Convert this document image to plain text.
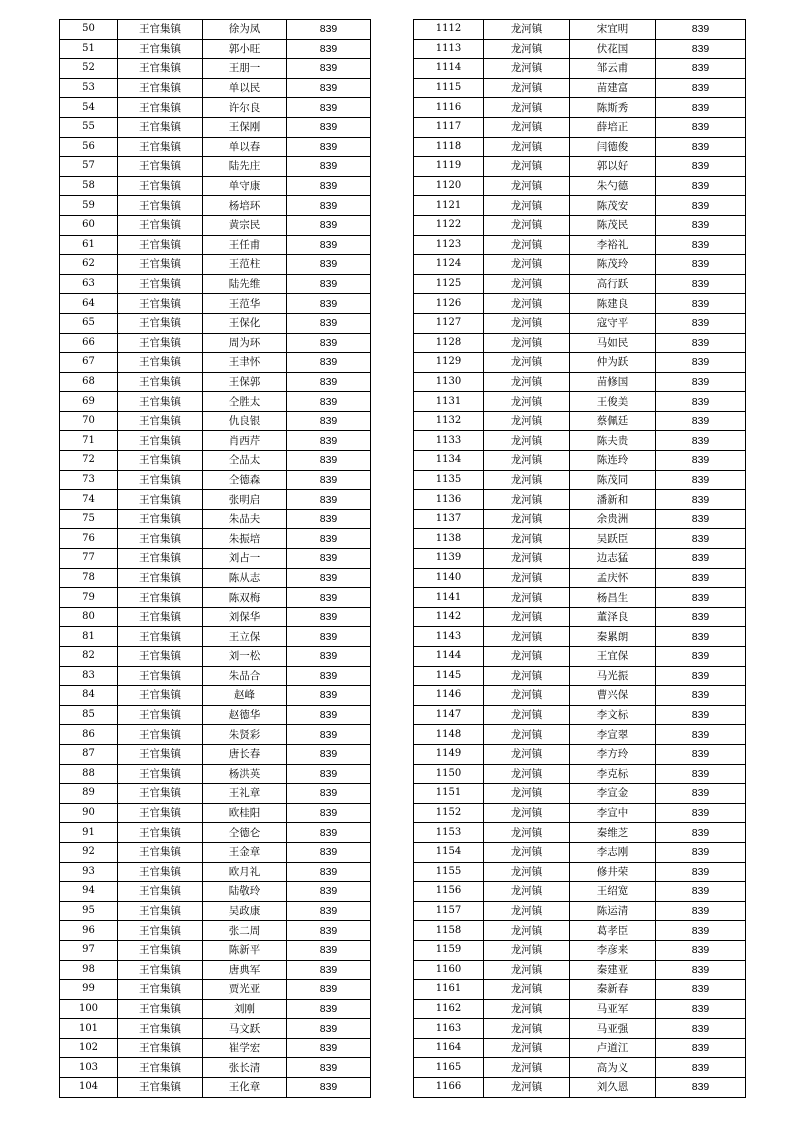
50	王官集镇	徐为凤	839
51	王官集镇	郭小旺	839
52	王官集镇	王朋一	839
53	王官集镇	单以民	839
54	王官集镇	许尔良	839
55	王官集镇	王保刚	839
56	王官集镇	单以春	839
57	王官集镇	陆先庄	839
58	王官集镇	单守康	839
59	王官集镇	杨培环	839
60	王官集镇	黄宗民	839
61	王官集镇	王任甫	839
62	王官集镇	王范柱	839
63	王官集镇	陆先维	839
64	王官集镇	王范华	839
65	王官集镇	王保化	839
66	王官集镇	周为环	839
67	王官集镇	王聿怀	839
68	王官集镇	王保郭	839
69	王官集镇	仝胜太	839
70	王官集镇	仇良银	839
71	王官集镇	肖西芹	839
72	王官集镇	仝品太	839
73	王官集镇	仝德森	839
74	王官集镇	张明启	839
75	王官集镇	朱品夫	839
76	王官集镇	朱振培	839
77	王官集镇	刘占一	839
78	王官集镇	陈从志	839
79	王官集镇	陈双梅	839
80	王官集镇	刘保华	839
81	王官集镇	王立保	839
82	王官集镇	刘一松	839
83	王官集镇	朱品合	839
84	王官集镇	赵峰	839
85	王官集镇	赵德华	839
86	王官集镇	朱贤彩	839
87	王官集镇	唐长春	839
88	王官集镇	杨洪英	839
89	王官集镇	王礼章	839
90	王官集镇	欧桂阳	839
91	王官集镇	仝德仑	839
92	王官集镇	王金章	839
93	王官集镇	欧月礼	839
94	王官集镇	陆敬玲	839
95	王官集镇	吴政康	839
96	王官集镇	张二周	839
97	王官集镇	陈新平	839
98	王官集镇	唐典军	839
99	王官集镇	贾光亚	839
100	王官集镇	刘刚	839
101	王官集镇	马文跃	839
102	王官集镇	崔学宏	839
103	王官集镇	张长清	839
104	王官集镇	王化章	839
1112	龙河镇	宋宜明	839
1113	龙河镇	伏花国	839
1114	龙河镇	邹云甫	839
1115	龙河镇	苗建富	839
1116	龙河镇	陈斯秀	839
1117	龙河镇	薛培正	839
1118	龙河镇	闫德俊	839
1119	龙河镇	郭以好	839
1120	龙河镇	朱勺德	839
1121	龙河镇	陈茂安	839
1122	龙河镇	陈茂民	839
1123	龙河镇	李裕礼	839
1124	龙河镇	陈茂玲	839
1125	龙河镇	高行跃	839
1126	龙河镇	陈建良	839
1127	龙河镇	寇守平	839
1128	龙河镇	马如民	839
1129	龙河镇	仲为跃	839
1130	龙河镇	苗修国	839
1131	龙河镇	王俊美	839
1132	龙河镇	蔡佩廷	839
1133	龙河镇	陈夫贵	839
1134	龙河镇	陈连玲	839
1135	龙河镇	陈茂同	839
1136	龙河镇	潘新和	839
1137	龙河镇	余贵洲	839
1138	龙河镇	吴跃臣	839
1139	龙河镇	边志猛	839
1140	龙河镇	孟庆怀	839
1141	龙河镇	杨昌生	839
1142	龙河镇	董泽良	839
1143	龙河镇	秦累朗	839
1144	龙河镇	王宜保	839
1145	龙河镇	马光振	839
1146	龙河镇	曹兴保	839
1147	龙河镇	李文标	839
1148	龙河镇	李宣翠	839
1149	龙河镇	李方玲	839
1150	龙河镇	李克标	839
1151	龙河镇	李宣金	839
1152	龙河镇	李宣中	839
1153	龙河镇	秦维芝	839
1154	龙河镇	李志刚	839
1155	龙河镇	修井荣	839
1156	龙河镇	王绍宽	839
1157	龙河镇	陈运清	839
1158	龙河镇	葛孝臣	839
1159	龙河镇	李彦来	839
1160	龙河镇	秦建亚	839
1161	龙河镇	秦新春	839
1162	龙河镇	马亚军	839
1163	龙河镇	马亚强	839
1164	龙河镇	卢道江	839
1165	龙河镇	高为义	839
1166	龙河镇	刘久恩	839
